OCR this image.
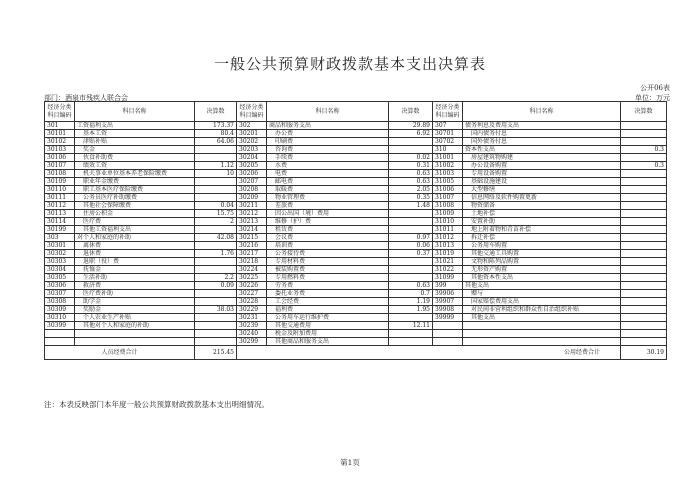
一般公共预算财政拨款基本支出决算表
公开06表
部门：酒泉市残疾人联合会	单位：万元
经济分类科目编码	科目名称	决算数	经济分类科目编码	科目名称	决算数	经济分类科目编码	科目名称	决算数
301	工资福利支出	173.37	302	商品和服务支出	29.89	307	债务利息及费用支出	
30101	基本工资	80.4	30201	办公费	6.92	30701	国内债务付息	
30102	津贴补贴	64.06	30202	印刷费		30702	国外债务付息	
30103	奖金		30203	咨询费		310	资本性支出	0.3
30106	伙食补助费		30204	手续费	0.02	31001	房屋建筑物购建	
30107	绩效工资	1.12	30205	水费	0.31	31002	办公设备购置	0.3
30108	机关事业单位基本养老保险缴费	10	30206	电费	0.63	31003	专用设备购置	
30109	职业年金缴费		30207	邮电费	0.63	31005	基础设施建设	
30110	职工基本医疗保险缴费		30208	取暖费	2.05	31006	大型修缮	
30111	公务员医疗补助缴费		30209	物业管理费	0.35	31007	信息网络及软件购置更新	
30112	其他社会保障缴费	0.04	30211	差旅费	1.48	31008	物资储备	
30113	住房公积金	15.75	30212	因公出国（境）费用		31009	土地补偿	
30114	医疗费	2	30213	维修（护）费		31010	安置补助	
30199	其他工资福利支出		30214	租赁费		31011	地上附着物和青苗补偿	
303	对个人和家庭的补助	42.08	30215	会议费	0.97	31012	拆迁补偿	
30301	离休费		30216	培训费	0.06	31013	公务用车购置	
30302	退休费	1.76	30217	公务接待费	0.37	31019	其他交通工具购置	
30303	退职（役）费		30218	专用材料费		31021	文物和陈列品购置	
30304	抚恤金		30224	被装购置费		31022	无形资产购置	
30305	生活补助	2.2	30225	专用燃料费		31099	其他资本性支出	
30306	救济费	0.09	30226	劳务费	0.63	399	其他支出	
30307	医疗费补助		30227	委托业务费	0.7	39906	赠与	
30308	助学金		30228	工会经费	1.19	39907	国家赔偿费用支出	
30309	奖励金	38.03	30229	福利费	1.95	39908	对民间非营利组织和群众性自治组织补贴	
30310	个人农业生产补贴		30231	公务用车运行维护费		39999	其他支出	
30399	其他对个人和家庭的补助		30239	其他交通费用	12.11			
			30240	税金及附加费用				
			30299	其他商品和服务支出				
人员经费合计		215.45	公用经费合计					30.19
注：本表反映部门本年度一般公共预算财政拨款基本支出明细情况。
第1页
